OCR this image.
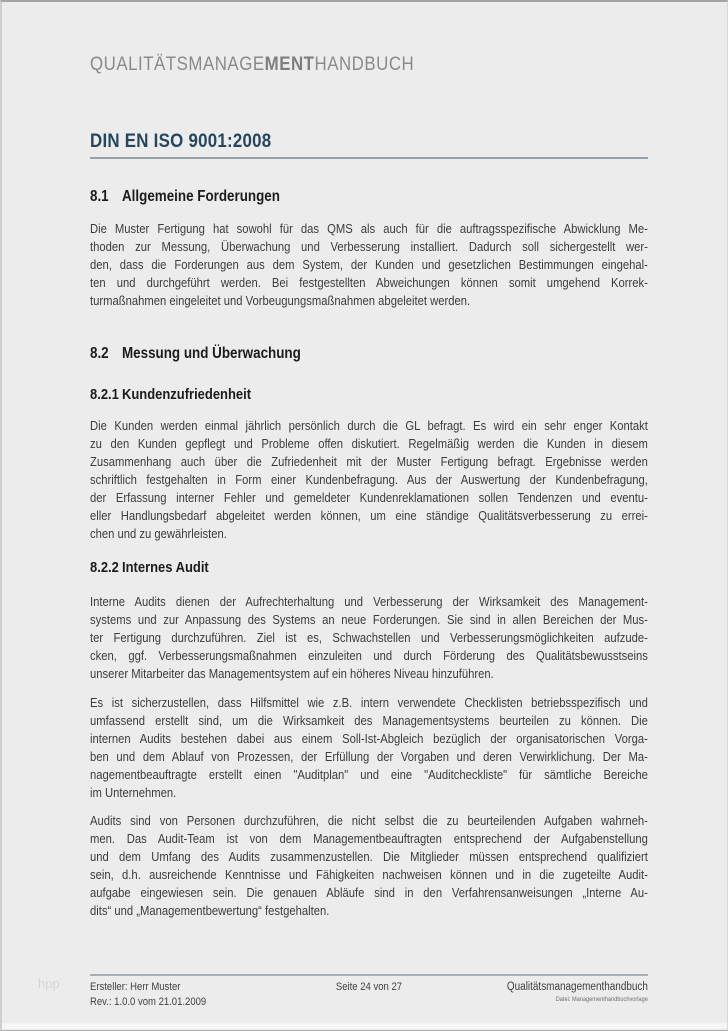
hpp
QUALITÄTSMANAGEMENTHANDBUCH
DIN EN ISO 9001:2008
8.1 Allgemeine Forderungen
Die Muster Fertigung hat sowohl für das QMS als auch für die auftragsspezifische Abwicklung Me-
thoden zur Messung, Überwachung und Verbesserung installiert. Dadurch soll sichergestellt wer-
den, dass die Forderungen aus dem System, der Kunden und gesetzlichen Bestimmungen eingehal-
ten und durchgeführt werden. Bei festgestellten Abweichungen können somit umgehend Korrek-
turmaßnahmen eingeleitet und Vorbeugungsmaßnahmen abgeleitet werden.
8.2 Messung und Überwachung
8.2.1 Kundenzufriedenheit
Die Kunden werden einmal jährlich persönlich durch die GL befragt. Es wird ein sehr enger Kontakt
zu den Kunden gepflegt und Probleme offen diskutiert. Regelmäßig werden die Kunden in diesem
Zusammenhang auch über die Zufriedenheit mit der Muster Fertigung befragt. Ergebnisse werden
schriftlich festgehalten in Form einer Kundenbefragung. Aus der Auswertung der Kundenbefragung,
der Erfassung interner Fehler und gemeldeter Kundenreklamationen sollen Tendenzen und eventu-
eller Handlungsbedarf abgeleitet werden können, um eine ständige Qualitätsverbesserung zu errei-
chen und zu gewährleisten.
8.2.2 Internes Audit
Interne Audits dienen der Aufrechterhaltung und Verbesserung der Wirksamkeit des Management-
systems und zur Anpassung des Systems an neue Forderungen. Sie sind in allen Bereichen der Mus-
ter Fertigung durchzuführen. Ziel ist es, Schwachstellen und Verbesserungsmöglichkeiten aufzude-
cken, ggf. Verbesserungsmaßnahmen einzuleiten und durch Förderung des Qualitätsbewusstseins
unserer Mitarbeiter das Managementsystem auf ein höheres Niveau hinzuführen.
Es ist sicherzustellen, dass Hilfsmittel wie z.B. intern verwendete Checklisten betriebsspezifisch und
umfassend erstellt sind, um die Wirksamkeit des Managementsystems beurteilen zu können. Die
internen Audits bestehen dabei aus einem Soll-Ist-Abgleich bezüglich der organisatorischen Vorga-
ben und dem Ablauf von Prozessen, der Erfüllung der Vorgaben und deren Verwirklichung. Der Ma-
nagementbeauftragte erstellt einen "Auditplan" und eine "Auditcheckliste" für sämtliche Bereiche
im Unternehmen.
Audits sind von Personen durchzuführen, die nicht selbst die zu beurteilenden Aufgaben wahrneh-
men. Das Audit-Team ist von dem Managementbeauftragten entsprechend der Aufgabenstellung
und dem Umfang des Audits zusammenzustellen. Die Mitglieder müssen entsprechend qualifiziert
sein, d.h. ausreichende Kenntnisse und Fähigkeiten nachweisen können und in die zugeteilte Audit-
aufgabe eingewiesen sein. Die genauen Abläufe sind in den Verfahrensanweisungen „Interne Au-
dits“ und „Managementbewertung“ festgehalten.
Ersteller: Herr Muster
Rev.: 1.0.0 vom 21.01.2009
Seite 24 von 27	Qualitätsmanagementhandbuch
Datei: Managementhandbuchvorlage
